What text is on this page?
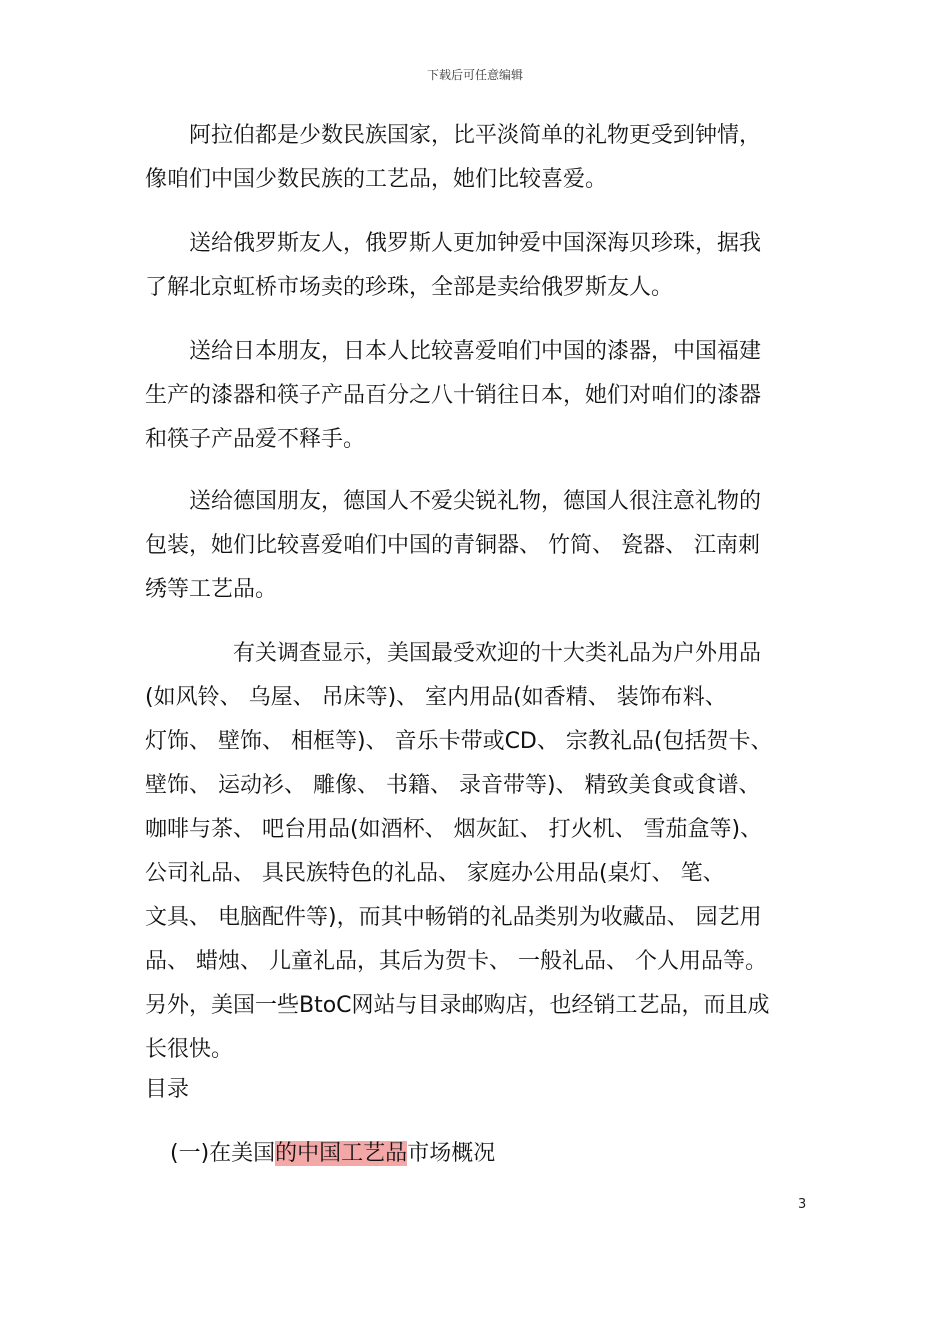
下载后可任意编辑
　　阿拉伯都是少数民族国家，比平淡简单的礼物更受到钟情，
像咱们中国少数民族的工艺品，她们比较喜爱。
　　送给俄罗斯友人，俄罗斯人更加钟爱中国深海贝珍珠，据我
了解北京虹桥市场卖的珍珠，全部是卖给俄罗斯友人。
　　送给日本朋友，日本人比较喜爱咱们中国的漆器，中国福建
生产的漆器和筷子产品百分之八十销往日本，她们对咱们的漆器
和筷子产品爱不释手。
　　送给德国朋友，德国人不爱尖锐礼物，德国人很注意礼物的
包装，她们比较喜爱咱们中国的青铜器、 竹简、 瓷器、 江南刺
绣等工艺品。
　　　　有关调查显示，美国最受欢迎的十大类礼品为户外用品
(如风铃、 乌屋、 吊床等)、 室内用品(如香精、 装饰布料、
灯饰、 壁饰、 相框等)、 音乐卡带或CD、 宗教礼品(包括贺卡、
壁饰、 运动衫、 雕像、 书籍、 录音带等)、 精致美食或食谱、
咖啡与茶、 吧台用品(如酒杯、 烟灰缸、 打火机、 雪茄盒等)、
公司礼品、 具民族特色的礼品、 家庭办公用品(桌灯、 笔、
文具、 电脑配件等)，而其中畅销的礼品类别为收藏品、 园艺用
品、 蜡烛、 儿童礼品，其后为贺卡、 一般礼品、 个人用品等。
另外，美国一些BtoC网站与目录邮购店，也经销工艺品，而且成
长很快。
目录
(一)在美国的中国工艺品市场概况
3
